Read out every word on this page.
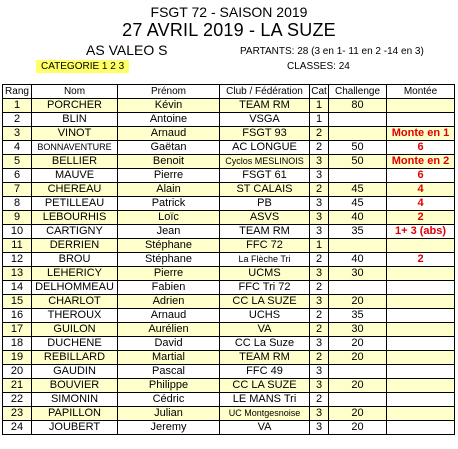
FSGT 72 - SAISON 2019
27 AVRIL 2019 - LA SUZE
AS VALEO S	PARTANTS: 28 (3 en 1- 11 en 2 -14 en 3)
CLASSES: 24
CATEGORIE 1 2 3
Rang	Nom	Prénom	Club / Fédération	Cat	Challenge	Montée
1	PORCHER	Kévin	TEAM RM	1	80	
2	BLIN	Antoine	VSGA	1		
3	VINOT	Arnaud	FSGT 93	2		Monte en 1
4	BONNAVENTURE	Gaëtan	AC LONGUE	2	50	6
5	BELLIER	Benoit	Cyclos MESLINOIS	3	50	Monte en 2
6	MAUVE	Pierre	FSGT 61	3		6
7	CHEREAU	Alain	ST CALAIS	2	45	4
8	PETILLEAU	Patrick	PB	3	45	4
9	LEBOURHIS	Loïc	ASVS	3	40	2
10	CARTIGNY	Jean	TEAM RM	3	35	1+ 3 (abs)
11	DERRIEN	Stéphane	FFC 72	1		
12	BROU	Stéphane	La Flèche Tri	2	40	2
13	LEHERICY	Pierre	UCMS	3	30	
14	DELHOMMEAU	Fabien	FFC Tri 72	2		
15	CHARLOT	Adrien	CC LA SUZE	3	20	
16	THEROUX	Arnaud	UCHS	2	35	
17	GUILON	Aurélien	VA	2	30	
18	DUCHENE	David	CC La Suze	3	20	
19	REBILLARD	Martial	TEAM RM	2	20	
20	GAUDIN	Pascal	FFC 49	3		
21	BOUVIER	Philippe	CC LA SUZE	3	20	
22	SIMONIN	Cédric	LE MANS Tri	2		
23	PAPILLON	Julian	UC Montgesnoise	3	20	
24	JOUBERT	Jeremy	VA	3	20	
